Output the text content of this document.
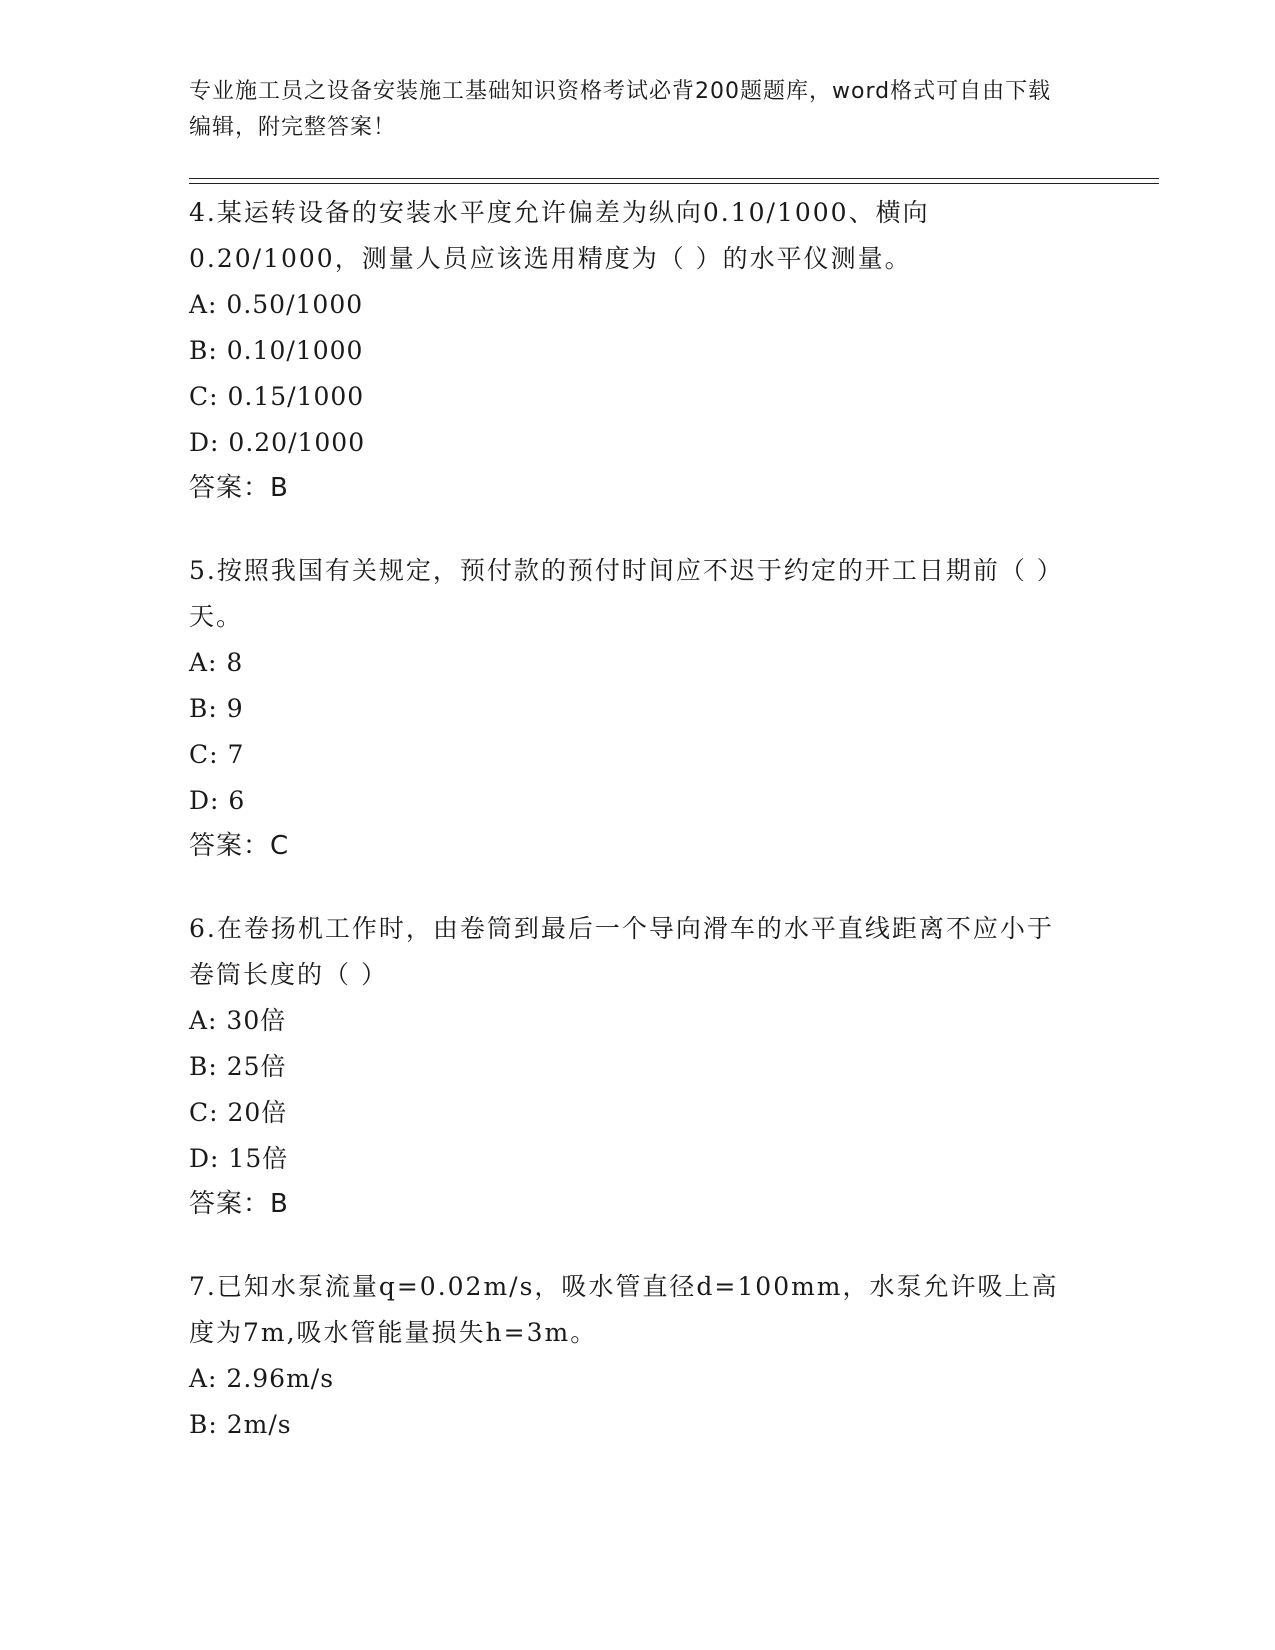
专业施工员之设备安装施工基础知识资格考试必背200题题库，word格式可自由下载编辑，附完整答案！
4.某运转设备的安装水平度允许偏差为纵向0.10/1000、横向0.20/1000，测量人员应该选用精度为（ ）的水平仪测量。
A: 0.50/1000
B: 0.10/1000
C: 0.15/1000
D: 0.20/1000
答案：B
5.按照我国有关规定，预付款的预付时间应不迟于约定的开工日期前（ ）天。
A: 8
B: 9
C: 7
D: 6
答案：C
6.在卷扬机工作时，由卷筒到最后一个导向滑车的水平直线距离不应小于卷筒长度的（ ）
A: 30倍
B: 25倍
C: 20倍
D: 15倍
答案：B
7.已知水泵流量q=0.02m/s，吸水管直径d=100mm，水泵允许吸上高度为7m,吸水管能量损失h=3m。
A: 2.96m/s
B: 2m/s
